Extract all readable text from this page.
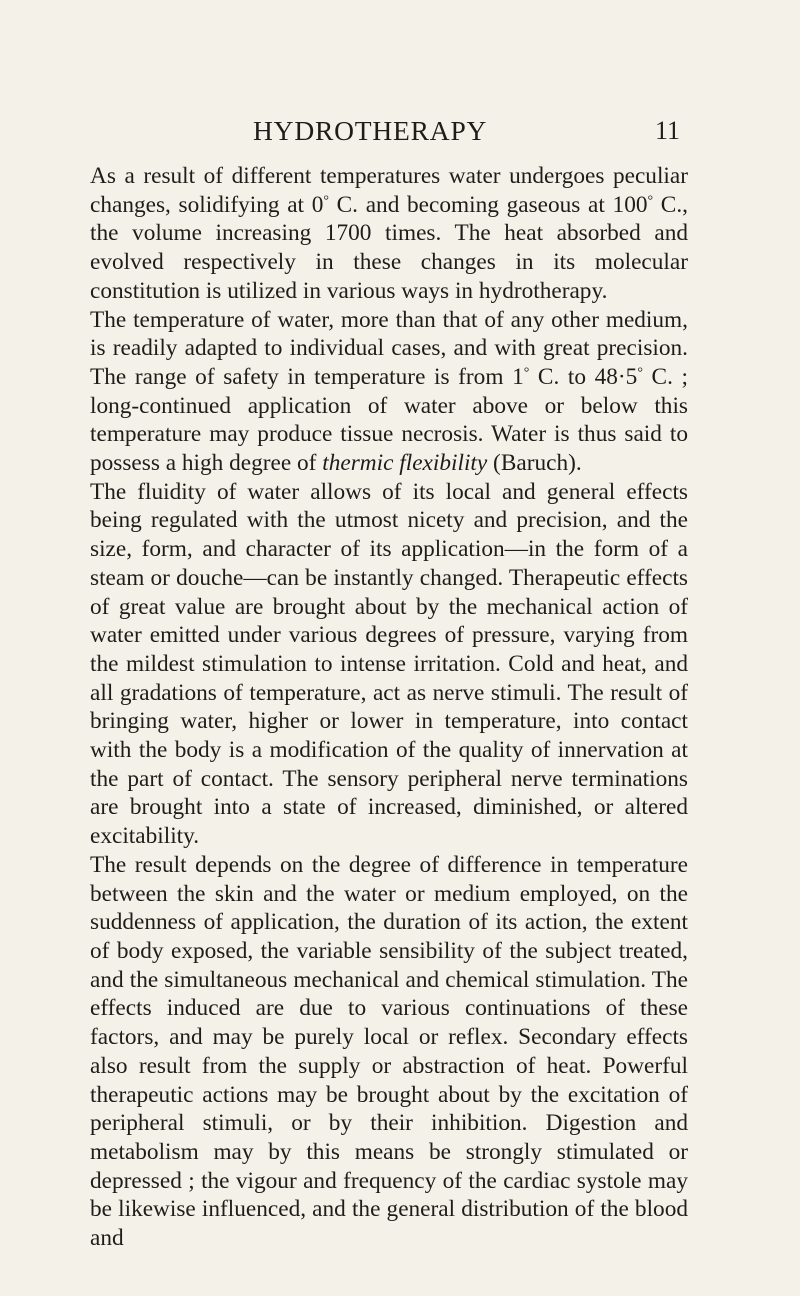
HYDROTHERAPY	11

As a result of different temperatures water undergoes peculiar changes, solidifying at 0° C. and becoming gaseous at 100° C., the volume increasing 1700 times. The heat absorbed and evolved respectively in these changes in its molecular constitution is utilized in various ways in hydrotherapy.

The temperature of water, more than that of any other medium, is readily adapted to individual cases, and with great precision. The range of safety in temperature is from 1° C. to 48·5° C. ; long-continued application of water above or below this temperature may produce tissue necrosis. Water is thus said to possess a high degree of thermic flexibility (Baruch).

The fluidity of water allows of its local and general effects being regulated with the utmost nicety and precision, and the size, form, and character of its application—in the form of a steam or douche—can be instantly changed. Therapeutic effects of great value are brought about by the mechanical action of water emitted under various degrees of pressure, varying from the mildest stimulation to intense irritation. Cold and heat, and all gradations of temperature, act as nerve stimuli. The result of bringing water, higher or lower in temperature, into contact with the body is a modification of the quality of innervation at the part of contact. The sensory peripheral nerve terminations are brought into a state of increased, diminished, or altered excitability.

The result depends on the degree of difference in temperature between the skin and the water or medium employed, on the suddenness of application, the duration of its action, the extent of body exposed, the variable sensibility of the subject treated, and the simultaneous mechanical and chemical stimulation. The effects induced are due to various continuations of these factors, and may be purely local or reflex. Secondary effects also result from the supply or abstraction of heat. Powerful therapeutic actions may be brought about by the excitation of peripheral stimuli, or by their inhibition. Digestion and metabolism may by this means be strongly stimulated or depressed ; the vigour and frequency of the cardiac systole may be likewise influenced, and the general distribution of the blood and
